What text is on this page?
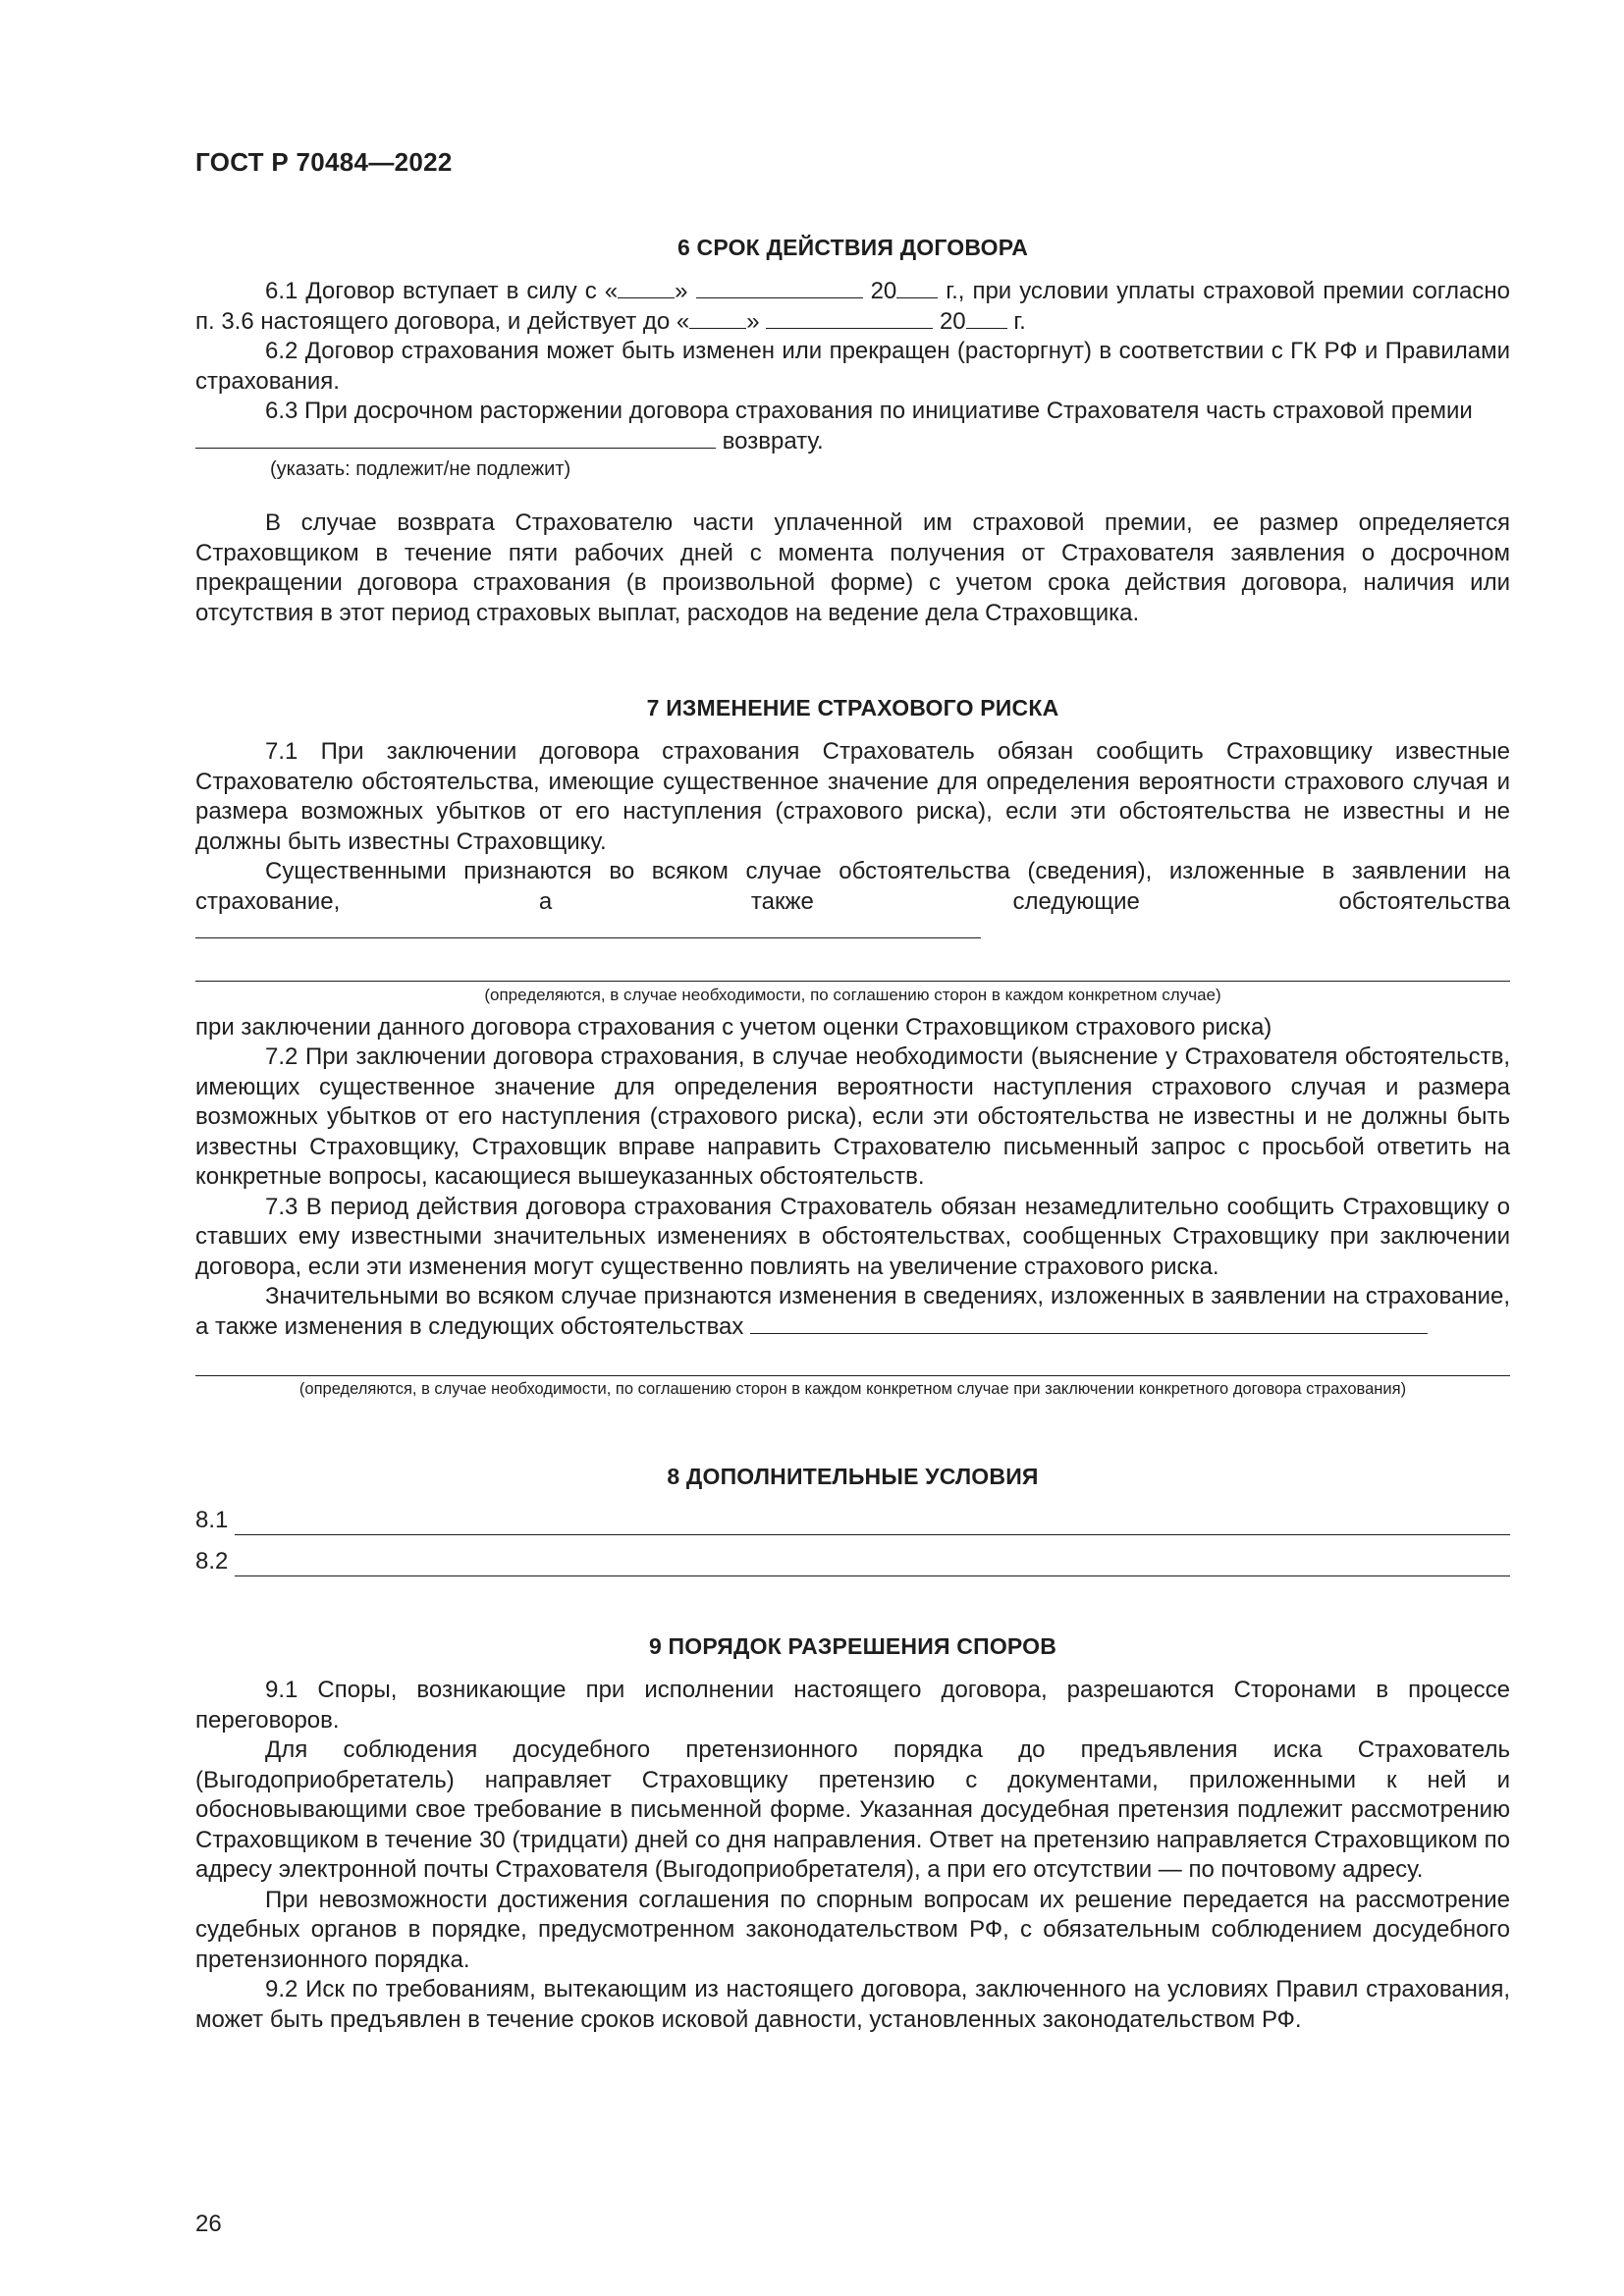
ГОСТ Р 70484—2022
6 СРОК ДЕЙСТВИЯ ДОГОВОРА

6.1 Договор вступает в силу с « »	20 г., при условии уплаты страховой премии согласно п. 3.6 настоящего договора, и действует до « »	20 г.

6.2 Договор страхования может быть изменен или прекращен (расторгнут) в соответствии с ГК РФ и Правилами страхования.

6.3 При досрочном расторжении договора страхования по инициативе Страхователя часть страховой премии

возврату.

(указать: подлежит/не подлежит)

В случае возврата Страхователю части уплаченной им страховой премии, ее размер определяется Страховщиком в течение пяти рабочих дней с момента получения от Страхователя заявления о досрочном прекращении договора страхования (в произвольной форме) с учетом срока действия договора, наличия или отсутствия в этот период страховых выплат, расходов на ведение дела Страховщика.

7 ИЗМЕНЕНИЕ СТРАХОВОГО РИСКА

7.1 При заключении договора страхования Страхователь обязан сообщить Страховщику известные Страхователю обстоятельства, имеющие существенное значение для определения вероятности страхового случая и размера возможных убытков от его наступления (страхового риска), если эти обстоятельства не известны и не должны быть известны Страховщику.

Существенными признаются во всяком случае обстоятельства (сведения), изложенные в заявлении на страхование, а также следующие обстоятельства

(определяются, в случае необходимости, по соглашению сторон в каждом конкретном случае)

при заключении данного договора страхования с учетом оценки Страховщиком страхового риска)

7.2 При заключении договора страхования, в случае необходимости (выяснение у Страхователя обстоятельств, имеющих существенное значение для определения вероятности наступления страхового случая и размера возможных убытков от его наступления (страхового риска), если эти обстоятельства не известны и не должны быть известны Страховщику, Страховщик вправе направить Страхователю письменный запрос с просьбой ответить на конкретные вопросы, касающиеся вышеуказанных обстоятельств.

7.3 В период действия договора страхования Страхователь обязан незамедлительно сообщить Страховщику о ставших ему известными значительных изменениях в обстоятельствах, сообщенных Страховщику при заключении договора, если эти изменения могут существенно повлиять на увеличение страхового риска.

Значительными во всяком случае признаются изменения в сведениях, изложенных в заявлении на страхование, а также изменения в следующих обстоятельствах

(определяются, в случае необходимости, по соглашению сторон в каждом конкретном случае при заключении конкретного договора страхования)
8 ДОПОЛНИТЕЛЬНЫЕ УСЛОВИЯ
8.1
8.2
9 ПОРЯДОК РАЗРЕШЕНИЯ СПОРОВ

9.1 Споры, возникающие при исполнении настоящего договора, разрешаются Сторонами в процессе переговоров.

Для соблюдения досудебного претензионного порядка до предъявления иска Страхователь (Выгодоприобретатель) направляет Страховщику претензию с документами, приложенными к ней и обосновывающими свое требование в письменной форме. Указанная досудебная претензия подлежит рассмотрению Страховщиком в течение 30 (тридцати) дней со дня направления. Ответ на претензию направляется Страховщиком по адресу электронной почты Страхователя (Выгодоприобретателя), а при его отсутствии — по почтовому адресу.

При невозможности достижения соглашения по спорным вопросам их решение передается на рассмотрение судебных органов в порядке, предусмотренном законодательством РФ, с обязательным соблюдением досудебного претензионного порядка.

9.2 Иск по требованиям, вытекающим из настоящего договора, заключенного на условиях Правил страхования, может быть предъявлен в течение сроков исковой давности, установленных законодательством РФ.

26
